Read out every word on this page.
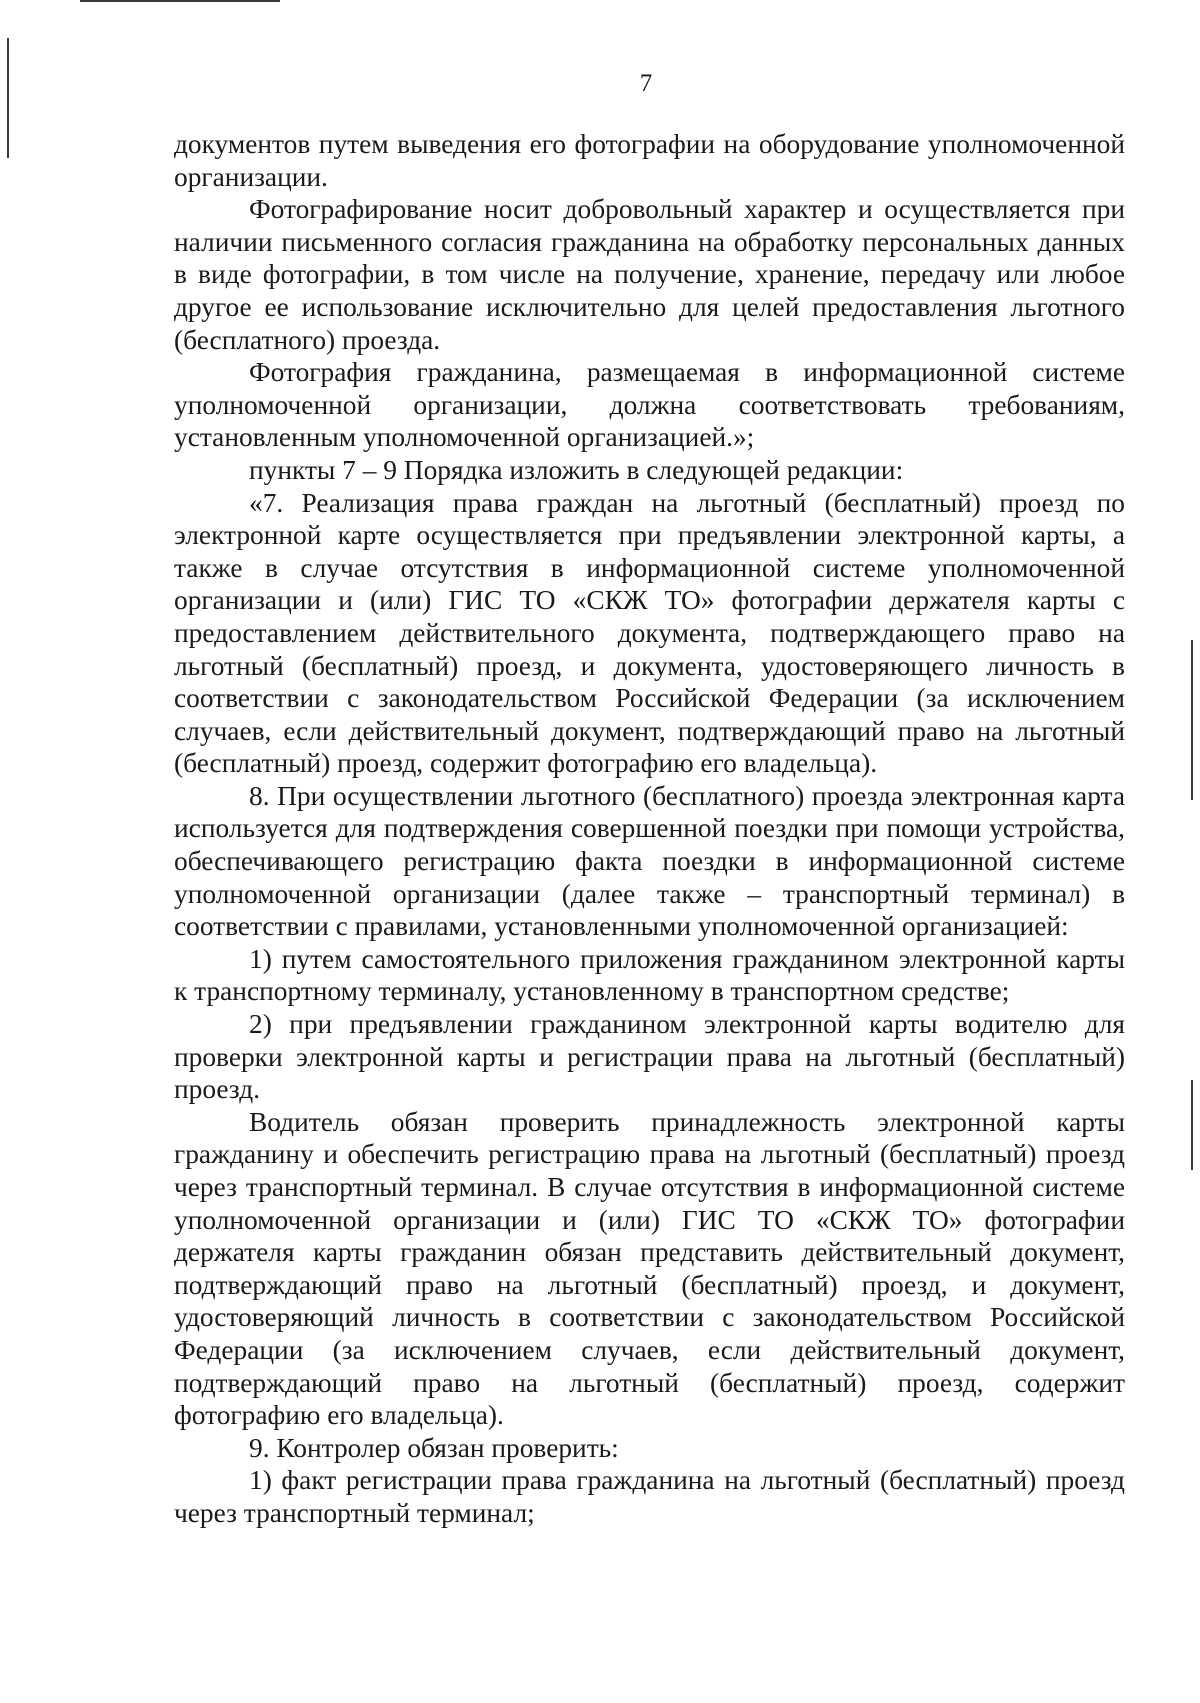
7

документов путем выведения его фотографии на оборудование уполномоченной организации.

Фотографирование носит добровольный характер и осуществляется при наличии письменного согласия гражданина на обработку персональных данных в виде фотографии, в том числе на получение, хранение, передачу или любое другое ее использование исключительно для целей предоставления льготного (бесплатного) проезда.

Фотография гражданина, размещаемая в информационной системе уполномоченной организации, должна соответствовать требованиям, установленным уполномоченной организацией.»;

пункты 7 – 9 Порядка изложить в следующей редакции:

«7. Реализация права граждан на льготный (бесплатный) проезд по электронной карте осуществляется при предъявлении электронной карты, а также в случае отсутствия в информационной системе уполномоченной организации и (или) ГИС ТО «СКЖ ТО» фотографии держателя карты с предоставлением действительного документа, подтверждающего право на льготный (бесплатный) проезд, и документа, удостоверяющего личность в соответствии с законодательством Российской Федерации (за исключением случаев, если действительный документ, подтверждающий право на льготный (бесплатный) проезд, содержит фотографию его владельца).

8. При осуществлении льготного (бесплатного) проезда электронная карта используется для подтверждения совершенной поездки при помощи устройства, обеспечивающего регистрацию факта поездки в информационной системе уполномоченной организации (далее также – транспортный терминал) в соответствии с правилами, установленными уполномоченной организацией:

1) путем самостоятельного приложения гражданином электронной карты к транспортному терминалу, установленному в транспортном средстве;

2) при предъявлении гражданином электронной карты водителю для проверки электронной карты и регистрации права на льготный (бесплатный) проезд.

Водитель обязан проверить принадлежность электронной карты гражданину и обеспечить регистрацию права на льготный (бесплатный) проезд через транспортный терминал. В случае отсутствия в информационной системе уполномоченной организации и (или) ГИС ТО «СКЖ ТО» фотографии держателя карты гражданин обязан представить действительный документ, подтверждающий право на льготный (бесплатный) проезд, и документ, удостоверяющий личность в соответствии с законодательством Российской Федерации (за исключением случаев, если действительный документ, подтверждающий право на льготный (бесплатный) проезд, содержит фотографию его владельца).

9. Контролер обязан проверить:

1) факт регистрации права гражданина на льготный (бесплатный) проезд через транспортный терминал;
